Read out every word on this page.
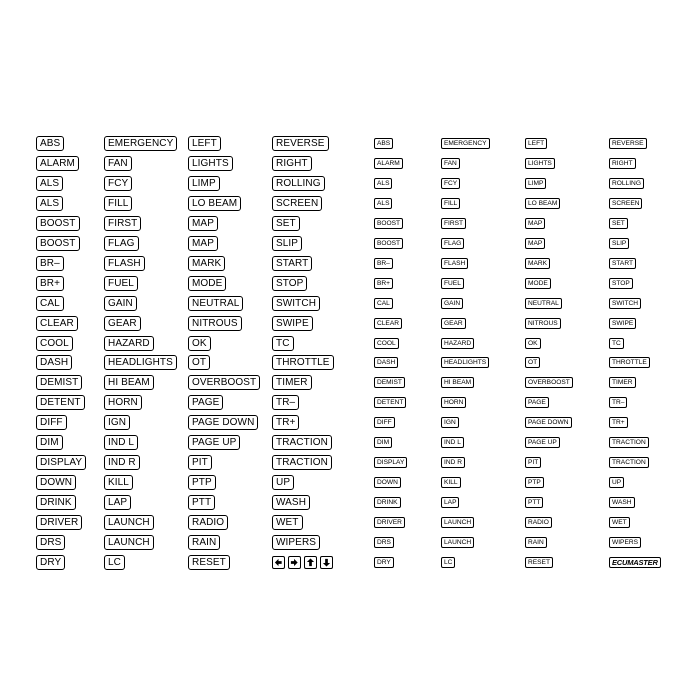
ABS
ALARM
ALS
ALS
BOOST
BOOST
BR–
BR+
CAL
CLEAR
COOL
DASH
DEMIST
DETENT
DIFF
DIM
DISPLAY
DOWN
DRINK
DRIVER
DRS
DRY
EMERGENCY
FAN
FCY
FILL
FIRST
FLAG
FLASH
FUEL
GAIN
GEAR
HAZARD
HEADLIGHTS
HI BEAM
HORN
IGN
IND L
IND R
KILL
LAP
LAUNCH
LAUNCH
LC
LEFT
LIGHTS
LIMP
LO BEAM
MAP
MAP
MARK
MODE
NEUTRAL
NITROUS
OK
OT
OVERBOOST
PAGE
PAGE DOWN
PAGE UP
PIT
PTP
PTT
RADIO
RAIN
RESET
REVERSE
RIGHT
ROLLING
SCREEN
SET
SLIP
START
STOP
SWITCH
SWIPE
TC
THROTTLE
TIMER
TR–
TR+
TRACTION
TRACTION
UP
WASH
WET
WIPERS
ABS
ALARM
ALS
ALS
BOOST
BOOST
BR–
BR+
CAL
CLEAR
COOL
DASH
DEMIST
DETENT
DIFF
DIM
DISPLAY
DOWN
DRINK
DRIVER
DRS
DRY
EMERGENCY
FAN
FCY
FILL
FIRST
FLAG
FLASH
FUEL
GAIN
GEAR
HAZARD
HEADLIGHTS
HI BEAM
HORN
IGN
IND L
IND R
KILL
LAP
LAUNCH
LAUNCH
LC
LEFT
LIGHTS
LIMP
LO BEAM
MAP
MAP
MARK
MODE
NEUTRAL
NITROUS
OK
OT
OVERBOOST
PAGE
PAGE DOWN
PAGE UP
PIT
PTP
PTT
RADIO
RAIN
RESET
REVERSE
RIGHT
ROLLING
SCREEN
SET
SLIP
START
STOP
SWITCH
SWIPE
TC
THROTTLE
TIMER
TR–
TR+
TRACTION
TRACTION
UP
WASH
WET
WIPERS
ECUMASTER
